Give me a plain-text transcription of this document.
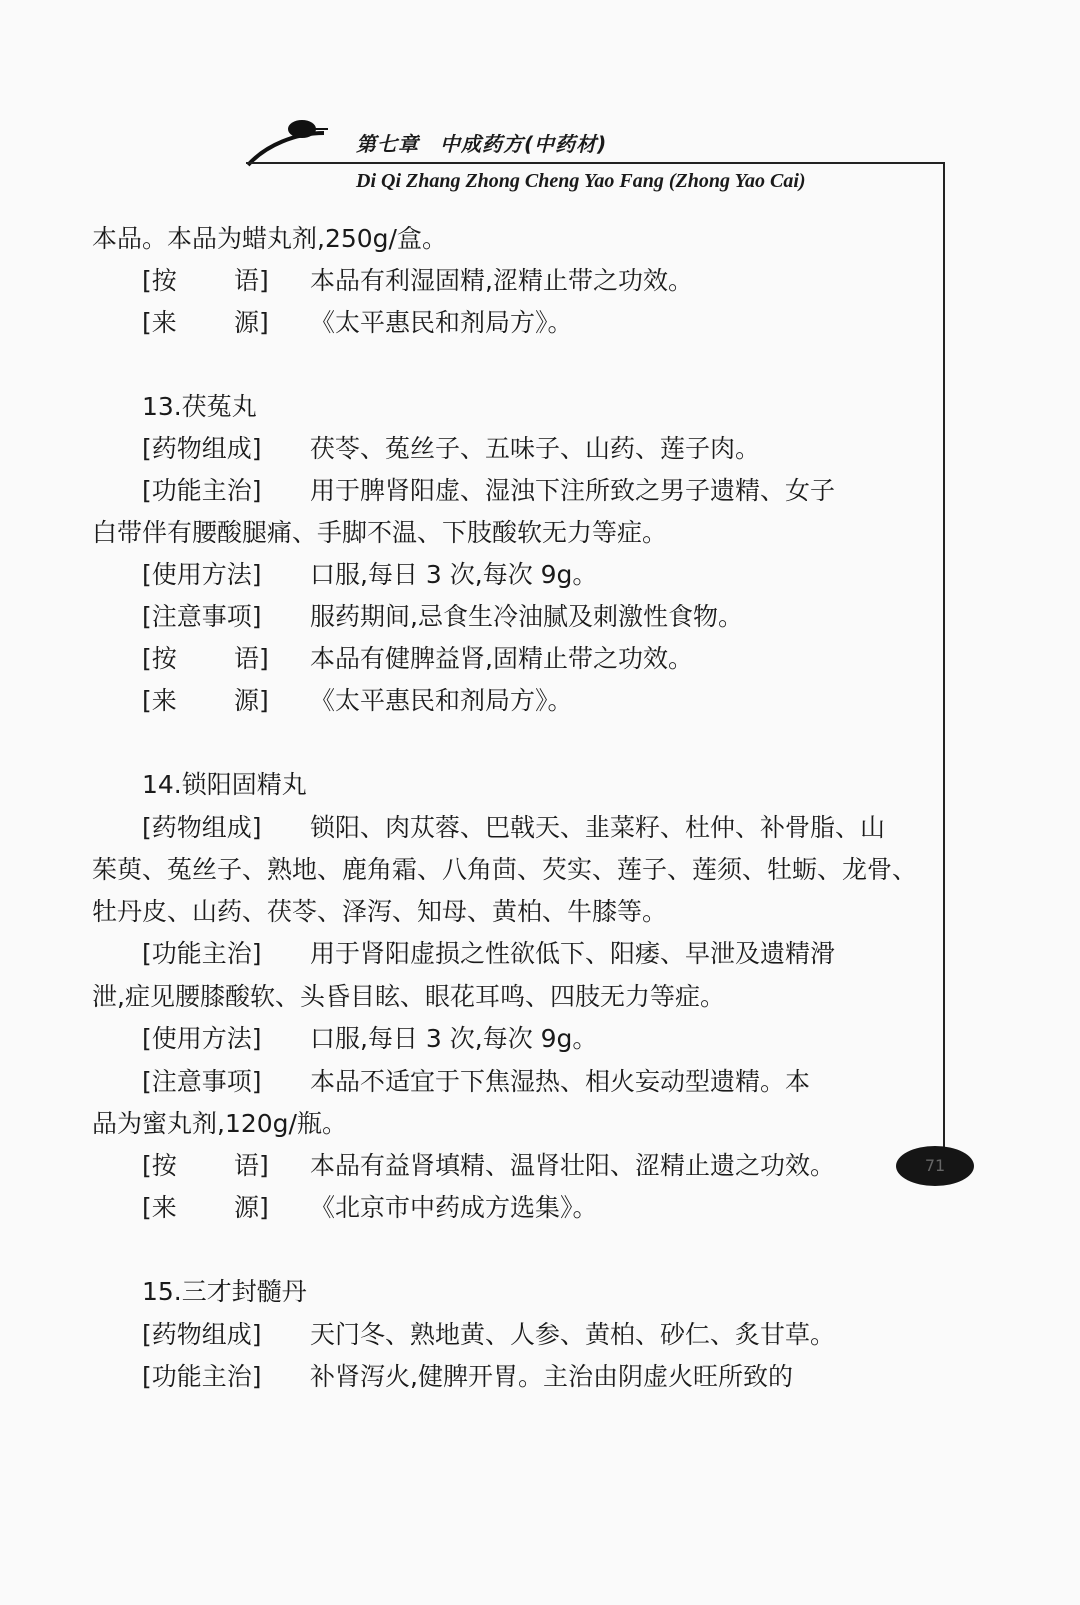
第七章　中成药方(中药材)
Di Qi Zhang Zhong Cheng Yao Fang (Zhong Yao Cai)
71
本品。本品为蜡丸剂,250g/盒。
[按 语] 本品有利湿固精,涩精止带之功效。
[来 源] 《太平惠民和剂局方》。
13.茯菟丸
[药物组成] 茯苓、菟丝子、五味子、山药、莲子肉。
[功能主治] 用于脾肾阳虚、湿浊下注所致之男子遗精、女子
白带伴有腰酸腿痛、手脚不温、下肢酸软无力等症。
[使用方法] 口服,每日 3 次,每次 9g。
[注意事项] 服药期间,忌食生冷油腻及刺激性食物。
[按 语] 本品有健脾益肾,固精止带之功效。
[来 源] 《太平惠民和剂局方》。
14.锁阳固精丸
[药物组成] 锁阳、肉苁蓉、巴戟天、韭菜籽、杜仲、补骨脂、山
茱萸、菟丝子、熟地、鹿角霜、八角茴、芡实、莲子、莲须、牡蛎、龙骨、
牡丹皮、山药、茯苓、泽泻、知母、黄柏、牛膝等。
[功能主治] 用于肾阳虚损之性欲低下、阳痿、早泄及遗精滑
泄,症见腰膝酸软、头昏目眩、眼花耳鸣、四肢无力等症。
[使用方法] 口服,每日 3 次,每次 9g。
[注意事项] 本品不适宜于下焦湿热、相火妄动型遗精。本
品为蜜丸剂,120g/瓶。
[按 语] 本品有益肾填精、温肾壮阳、涩精止遗之功效。
[来 源] 《北京市中药成方选集》。
15.三才封髓丹
[药物组成] 天门冬、熟地黄、人参、黄柏、砂仁、炙甘草。
[功能主治] 补肾泻火,健脾开胃。主治由阴虚火旺所致的
